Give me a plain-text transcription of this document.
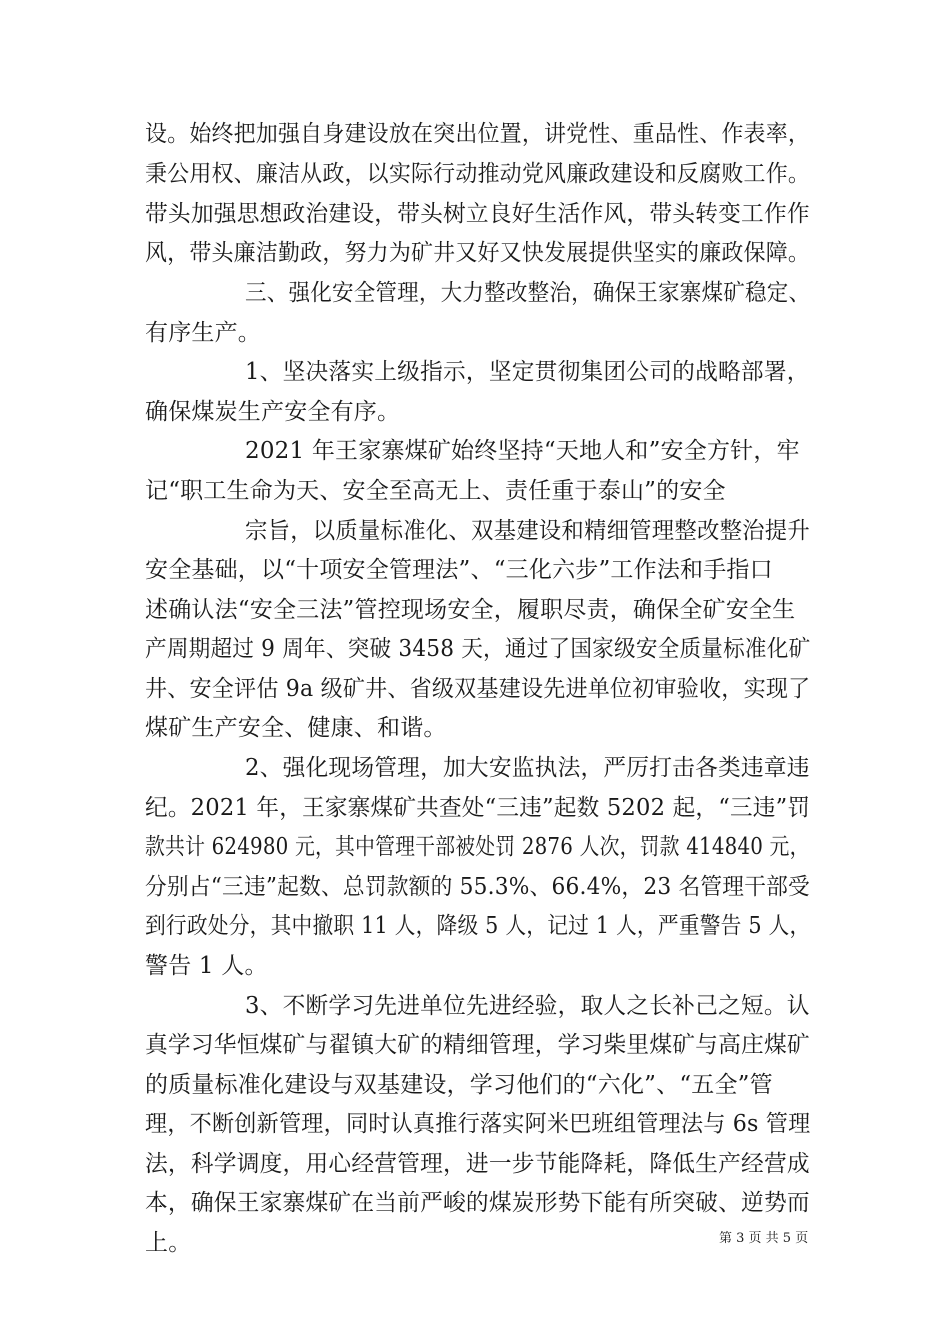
设。始终把加强自身建设放在突出位置，讲党性、重品性、作表率，
秉公用权、廉洁从政，以实际行动推动党风廉政建设和反腐败工作。
带头加强思想政治建设，带头树立良好生活作风，带头转变工作作
风，带头廉洁勤政，努力为矿井又好又快发展提供坚实的廉政保障。
三、强化安全管理，大力整改整治，确保王家寨煤矿稳定、
有序生产。
1、坚决落实上级指示，坚定贯彻集团公司的战略部署，
确保煤炭生产安全有序。
2021 年王家寨煤矿始终坚持“天地人和”安全方针，牢
记“职工生命为天、安全至高无上、责任重于泰山”的安全
宗旨，以质量标准化、双基建设和精细管理整改整治提升
安全基础，以“十项安全管理法”、“三化六步”工作法和手指口
述确认法“安全三法”管控现场安全，履职尽责，确保全矿安全生
产周期超过 9 周年、突破 3458 天，通过了国家级安全质量标准化矿
井、安全评估 9a 级矿井、省级双基建设先进单位初审验收，实现了
煤矿生产安全、健康、和谐。
2、强化现场管理，加大安监执法，严厉打击各类违章违
纪。2021 年，王家寨煤矿共查处“三违”起数 5202 起，“三违”罚
款共计 624980 元，其中管理干部被处罚 2876 人次，罚款 414840 元，
分别占“三违”起数、总罚款额的 55.3%、66.4%，23 名管理干部受
到行政处分，其中撤职 11 人，降级 5 人，记过 1 人，严重警告 5 人，
警告 1 人。
3、不断学习先进单位先进经验，取人之长补己之短。认
真学习华恒煤矿与翟镇大矿的精细管理，学习柴里煤矿与高庄煤矿
的质量标准化建设与双基建设，学习他们的“六化”、“五全”管
理，不断创新管理，同时认真推行落实阿米巴班组管理法与 6s 管理
法，科学调度，用心经营管理，进一步节能降耗，降低生产经营成
本，确保王家寨煤矿在当前严峻的煤炭形势下能有所突破、逆势而
上。	第 3 页 共 5 页
